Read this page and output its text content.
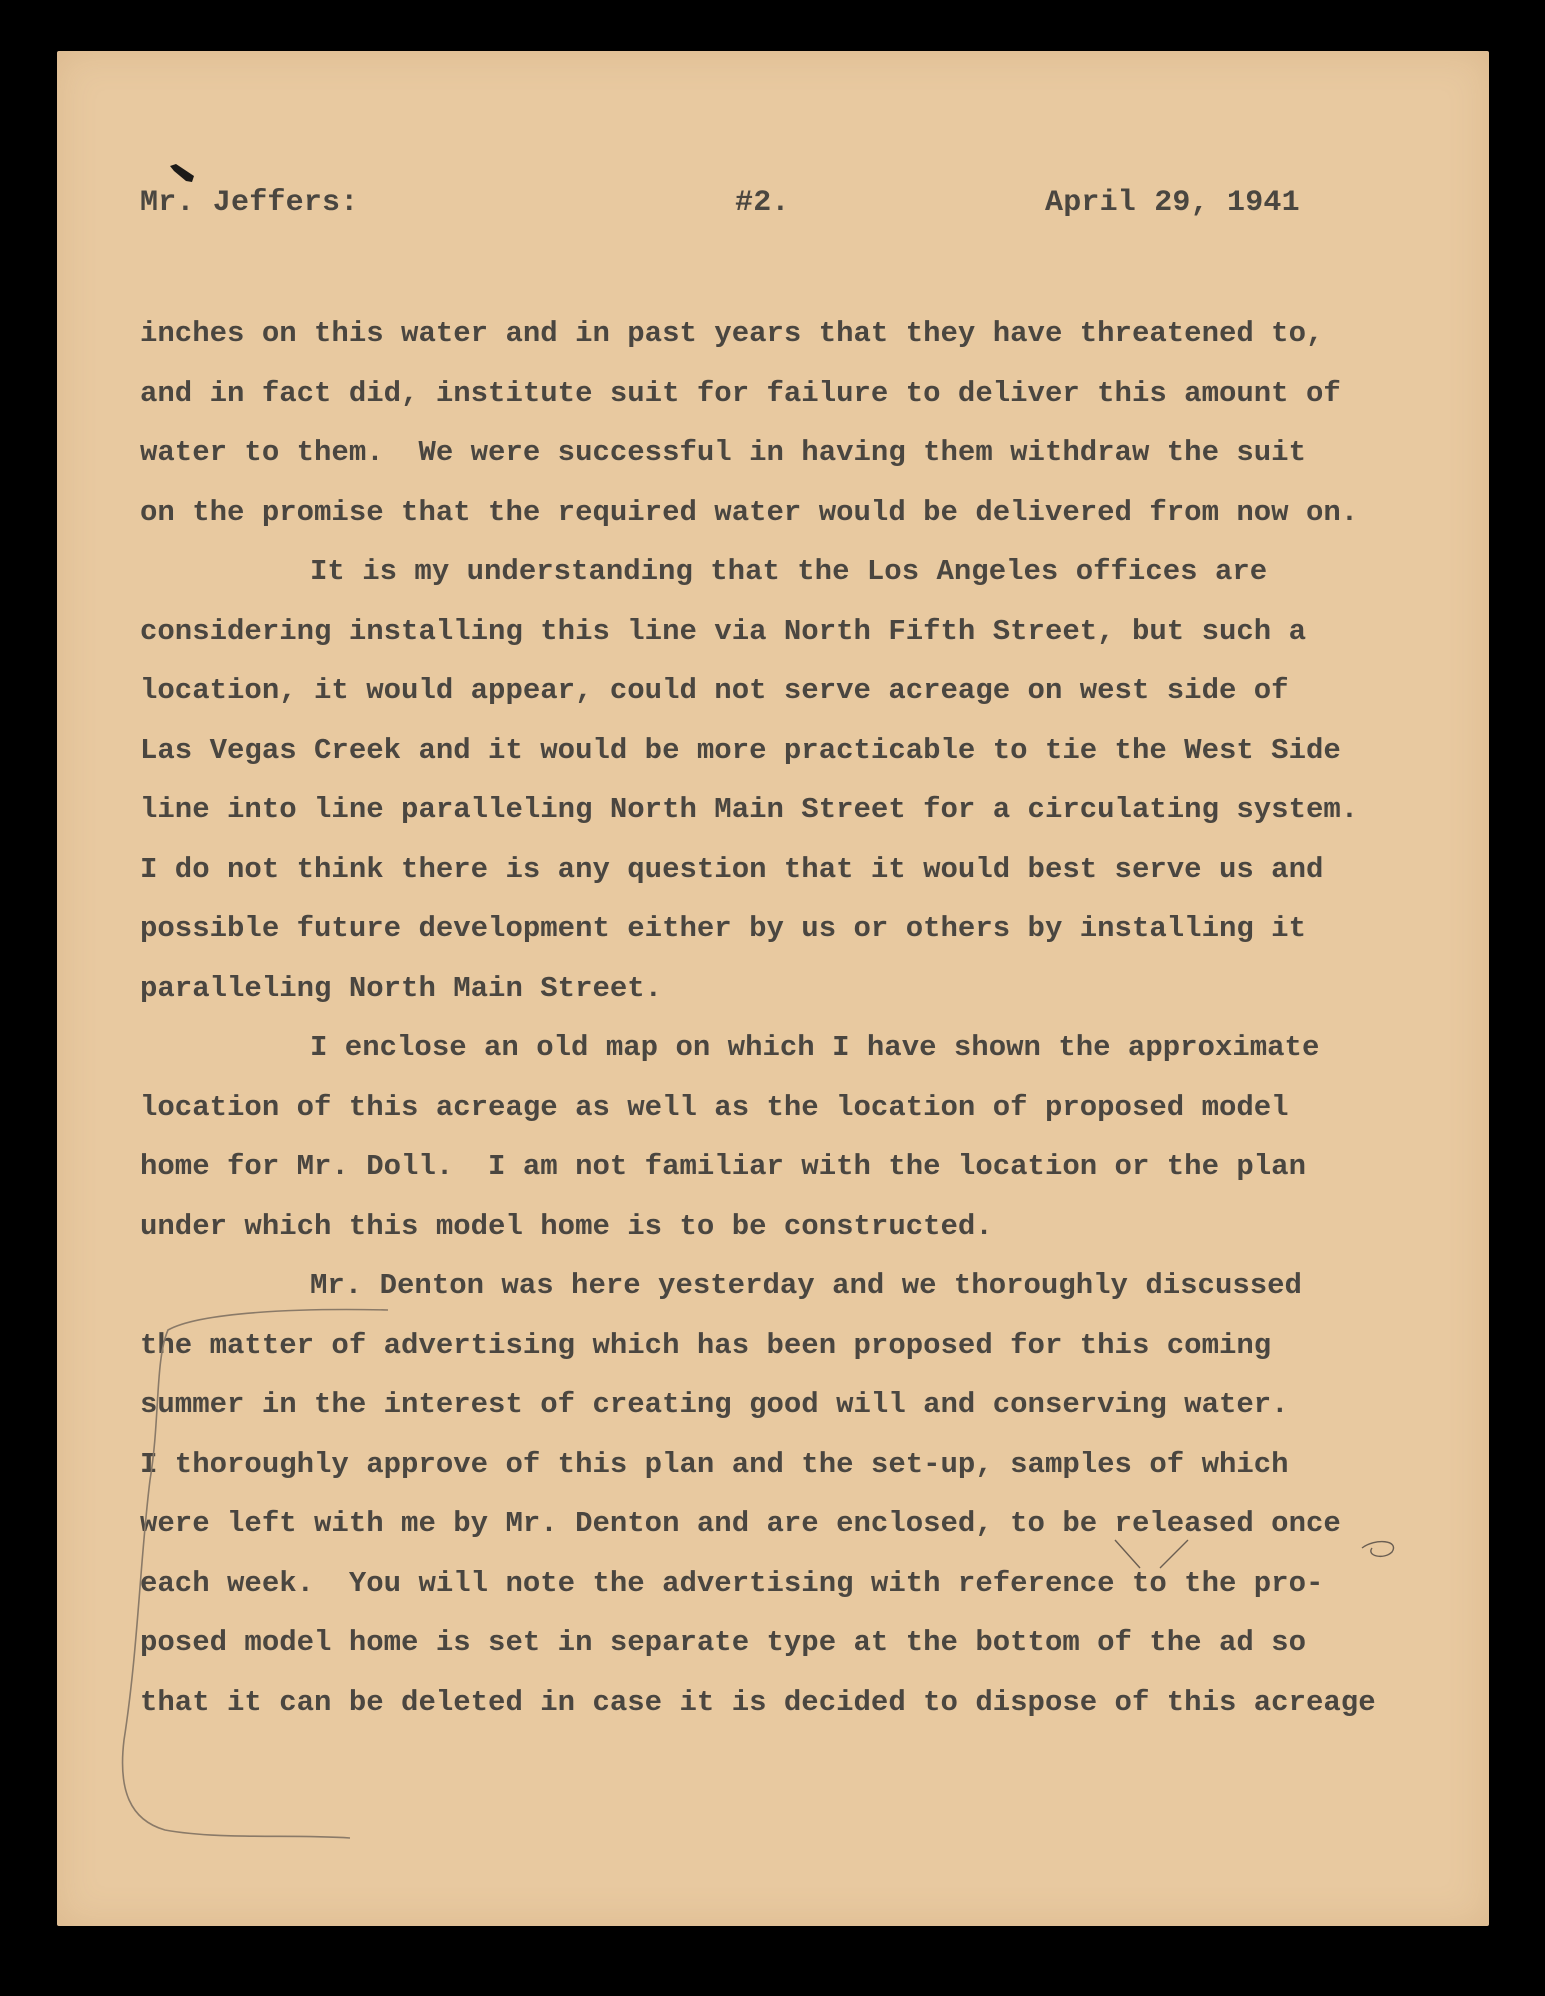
Mr. Jeffers:	#2.	April 29, 1941
inches on this water and in past years that they have threatened to,
and in fact did, institute suit for failure to deliver this amount of
water to them.  We were successful in having them withdraw the suit
on the promise that the required water would be delivered from now on.
It is my understanding that the Los Angeles offices are
considering installing this line via North Fifth Street, but such a
location, it would appear, could not serve acreage on west side of
Las Vegas Creek and it would be more practicable to tie the West Side
line into line paralleling North Main Street for a circulating system.
I do not think there is any question that it would best serve us and
possible future development either by us or others by installing it
paralleling North Main Street.
I enclose an old map on which I have shown the approximate
location of this acreage as well as the location of proposed model
home for Mr. Doll.  I am not familiar with the location or the plan
under which this model home is to be constructed.
Mr. Denton was here yesterday and we thoroughly discussed
the matter of advertising which has been proposed for this coming
summer in the interest of creating good will and conserving water.
I thoroughly approve of this plan and the set-up, samples of which
were left with me by Mr. Denton and are enclosed, to be released once
each week.  You will note the advertising with reference to the pro-
posed model home is set in separate type at the bottom of the ad so
that it can be deleted in case it is decided to dispose of this acreage
